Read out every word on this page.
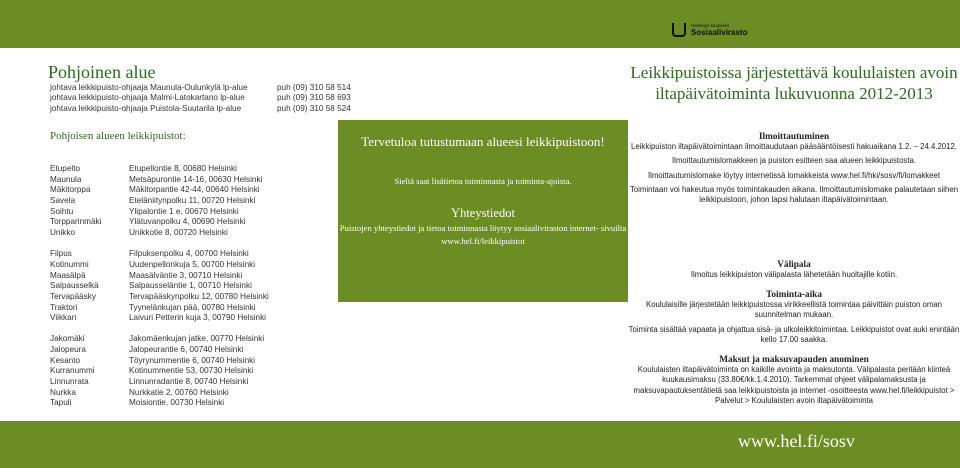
Helsingin kaupunki
Sosiaalivirasto
Pohjoinen alue
johtava leikkipuisto-ohjaaja Maunula-Oulunkylä lp-alue	puh (09) 310 58 514
johtava leikkipuisto-ohjaaja Malmi-Latokartano lp-alue	puh (09) 310 58 693
johtava leikkipuisto-ohjaaja Puistola-Suutarila lp-alue	puh (09) 310 58 524
Pohjoisen alueen leikkipuistot:
Etupelto	Etupellontie 8, 00680 Helsinki
Maunula	Metsäpurontie 14-16, 00630 Helsinki
Mäkitorppa	Mäkitorpantie 42-44, 00640 Helsinki
Savela	Eteläniitynpolku 11, 00720 Helsinki
Soihtu	Ylipalontie 1 e, 00670 Helsinki
Torpparinmäki	Ylätuvanpolku 4, 00690 Helsinki
Unikko	Unikkotie 8, 00720 Helsinki
Filpus	Filpuksenpolku 4, 00700 Helsinki
Kotinummi	Uudenpellonkuja 5, 00700 Helsinki
Maasälpä	Maasälväntie 3, 00710 Helsinki
Salpausselkä	Salpausseläntie 1, 00710 Helsinki
Tervapääsky	Tervapääskynpolku 12, 00780 Helsinki
Traktori	Tyynelänkujan pää, 00780 Helsinki
Viikkari	Laivuri Petterin kuja 3, 00790 Helsinki
Jakomäki	Jakomäenkujan jatke, 00770 Helsinki
Jalopeura	Jalopeurantie 6, 00740 Helsinki
Kesanto	Töyrynummentie 6, 00740 Helsinki
Kurranummi	Kotinummentie 53, 00730 Helsinki
Linnunrata	Linnunradantie 8, 00740 Helsinki
Nurkka	Nurkkatie 2, 00760 Helsinki
Tapuli	Moisiontie, 00730 Helsinki
Tervetuloa tutustumaan alueesi leikkipuistoon!
Sieltä saat lisätietoa toiminnasta ja toiminta-ajoista.
Yhteystiedot
Puistojen yhteystiedot ja tietoa toiminnasta löytyy sosiaaliviraston internet- sivuilta www.hel.fi/leikkipuistot
Leikkipuistoissa järjestettävä koululaisten avoin iltapäivätoiminta lukuvuonna 2012-2013
Ilmoittautuminen
Leikkipuiston iltapäivätoimintaan ilmoittaudutaan pääsääntöisesti hakuaikana 1.2. – 24.4.2012.
Ilmoittautumislomakkeen ja puiston esitteen saa alueen leikkipuistosta.
Ilmoittautumislomake löytyy internetissä lomakkeista www.hel.fi/hki/sosv/fi/lomakkeet
Toimintaan voi hakeutua myös toimintakauden aikana. Ilmoittautumislomake palautetaan siihen leikkipuistoon, johon lapsi halutaan iltapäivätoimintaan.
Välipala
Ilmoitus leikkipuiston välipalasta lähetetään huoltajille kotiin.
Toiminta-aika
Koululaisille järjestetään leikkipuistossa virikkeellistä toimintaa päivittäin puiston oman suunnitelman mukaan.
Toiminta sisältää vapaata ja ohjattua sisä- ja ulkoleikkitoimintaa. Leikkipuistot ovat auki enintään kello 17.00 saakka.
Maksut ja maksuvapauden anominen
Koululaisten iltapäivätoiminta on kaikille avointa ja maksutonta. Välipalasta peritään kiinteä kuukausimaksu (33.80€/kk.1.4.2010). Tarkemmat ohjeet välipalamaksusta ja maksuvapautuksentätietä saa leikkipuistoista ja internet -osoitteesta www.hel.fi/leikkipuistot > Palvelut > Koululaisten avoin iltapäivätoiminta
www.hel.fi/sosv
